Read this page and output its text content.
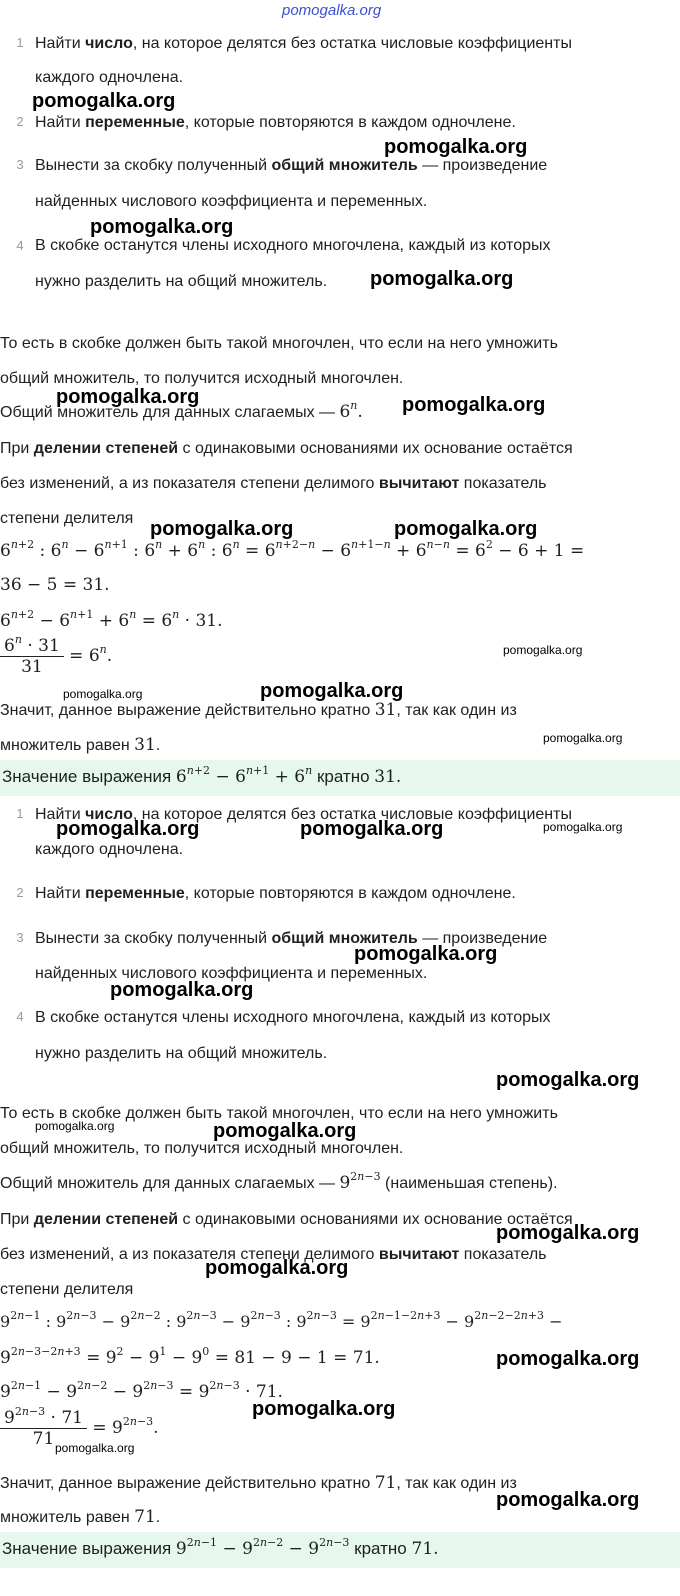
pomogalka.org
1 Найти число, на которое делятся без остатка числовые коэффициенты
каждого одночлена.
2 Найти переменные, которые повторяются в каждом одночлене.
3 Вынести за скобку полученный общий множитель — произведение
найденных числового коэффициента и переменных.
4 В скобке останутся члены исходного многочлена, каждый из которых
нужно разделить на общий множитель.
То есть в скобке должен быть такой многочлен, что если на него умножить
общий множитель, то получится исходный многочлен.
Общий множитель для данных слагаемых — 6$^n$.
При делении степеней с одинаковыми основаниями их основание остаётся
без изменений, а из показателя степени делимого вычитают показатель
степени делителя
$6^{n+2}$ : $6^n - 6^{n+1}$ : $6^n + 6^n$ : $6^n = 6^{n+2-n} - 6^{n+1-n} + 6^{n-n} = 6^2 - 6 + 1$ =
36 − 5 = 31.
$6^{n+2} - 6^{n+1} + 6^n = 6^n \cdot 31$.
$\frac{6^n \cdot 31}{31} = 6^n$.
Значит, данное выражение действительно кратно 31, так как один из
множитель равен 31.
Значение выражения $6^{n+2} - 6^{n+1} + 6^n$ кратно 31.
1 Найти число, на которое делятся без остатка числовые коэффициенты
каждого одночлена.
2 Найти переменные, которые повторяются в каждом одночлене.
3 Вынести за скобку полученный общий множитель — произведение
найденных числового коэффициента и переменных.
4 В скобке останутся члены исходного многочлена, каждый из которых
нужно разделить на общий множитель.
То есть в скобке должен быть такой многочлен, что если на него умножить
общий множитель, то получится исходный многочлен.
Общий множитель для данных слагаемых — $9^{2n-3}$ (наименьшая степень).
При делении степеней с одинаковыми основаниями их основание остаётся
без изменений, а из показателя степени делимого вычитают показатель
степени делителя
$9^{2n-1}$ : $9^{2n-3} - 9^{2n-2}$ : $9^{2n-3} - 9^{2n-3}$ : $9^{2n-3} = 9^{2n-1-2n+3} - 9^{2n-2-2n+3}$ −
$9^{2n-3-2n+3} = 9^2 - 9^1 - 9^0 = 81 - 9 - 1 = 71$.
$9^{2n-1} - 9^{2n-2} - 9^{2n-3} = 9^{2n-3} \cdot 71$.
$\frac{9^{2n-3} \cdot 71}{71} = 9^{2n-3}$.
Значит, данное выражение действительно кратно 71, так как один из
множитель равен 71.
Значение выражения $9^{2n-1} - 9^{2n-2} - 9^{2n-3}$ кратно 71.
pomogalka.org
pomogalka.org
pomogalka.org
pomogalka.org
pomogalka.org	pomogalka.org
pomogalka.org	pomogalka.org
pomogalka.org
pomogalka.org	pomogalka.org
pomogalka.org
pomogalka.org	pomogalka.org	pomogalka.org
pomogalka.org
pomogalka.org
pomogalka.org
pomogalka.org	pomogalka.org
pomogalka.org
pomogalka.org
pomogalka.org
pomogalka.org
pomogalka.org
pomogalka.org
